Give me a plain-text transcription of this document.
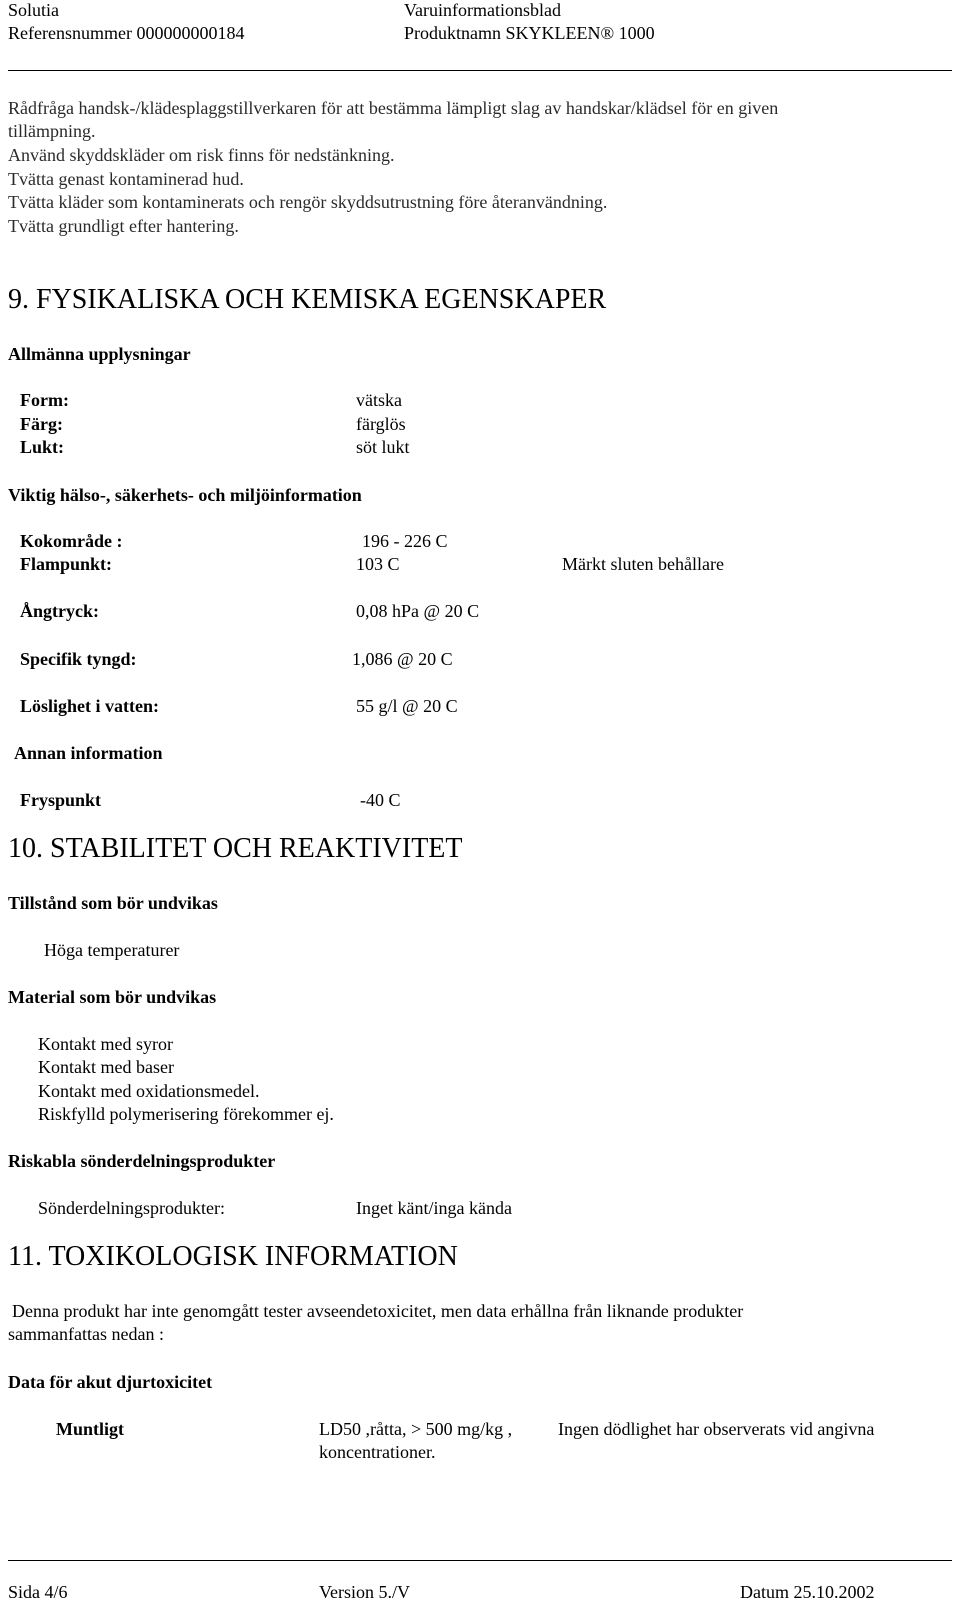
Solutia	Varuinformationsblad
Referensnummer 000000000184	Produktnamn SKYKLEEN® 1000
Rådfråga handsk-/klädesplaggstillverkaren för att bestämma lämpligt slag av handskar/klädsel för en given
tillämpning.
Använd skyddskläder om risk finns för nedstänkning.
Tvätta genast kontaminerad hud.
Tvätta kläder som kontaminerats och rengör skyddsutrustning före återanvändning.
Tvätta grundligt efter hantering.
9. FYSIKALISKA OCH KEMISKA EGENSKAPER
Allmänna upplysningar
Form:	vätska
Färg:	färglös
Lukt:	söt lukt
Viktig hälso-, säkerhets- och miljöinformation
Kokområde :	196 - 226 C
Flampunkt:	103 C	Märkt sluten behållare
Ångtryck:	0,08 hPa @ 20 C
Specifik tyngd:	1,086 @ 20 C
Löslighet i vatten:	55 g/l @ 20 C
Annan information
Fryspunkt	-40 C
10. STABILITET OCH REAKTIVITET
Tillstånd som bör undvikas
Höga temperaturer
Material som bör undvikas
Kontakt med syror
Kontakt med baser
Kontakt med oxidationsmedel.
Riskfylld polymerisering förekommer ej.
Riskabla sönderdelningsprodukter
Sönderdelningsprodukter:	Inget känt/inga kända
11. TOXIKOLOGISK INFORMATION
Denna produkt har inte genomgått tester avseendetoxicitet, men data erhållna från liknande produkter
sammanfattas nedan :
Data för akut djurtoxicitet
Muntligt	LD50 ,råtta, > 500 mg/kg ,	Ingen dödlighet har observerats vid angivna
koncentrationer.
Sida 4/6	Version 5./V	Datum 25.10.2002
